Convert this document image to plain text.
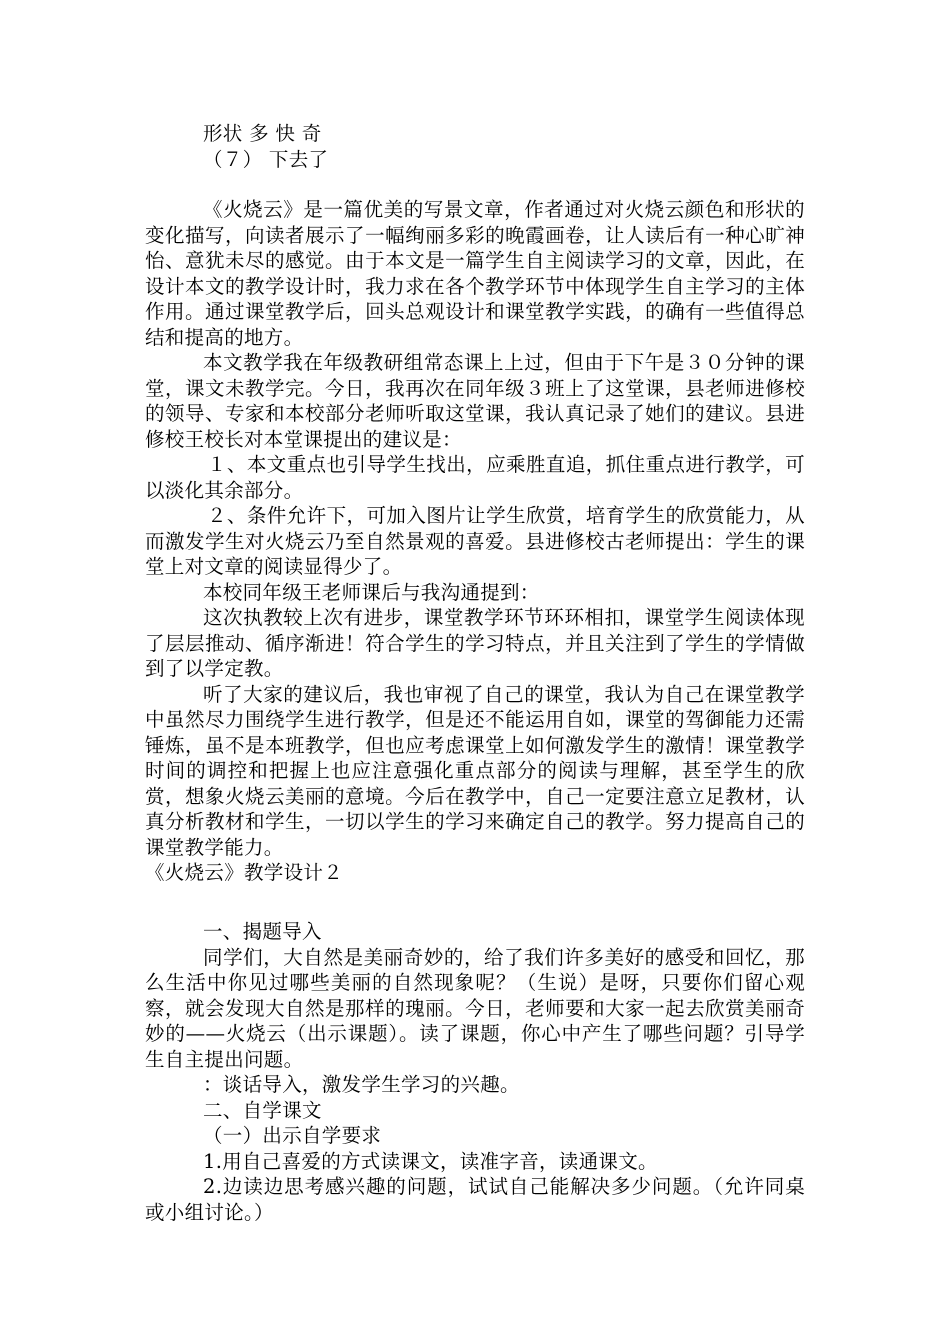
形状 多 快 奇

（７） 下去了

《火烧云》是一篇优美的写景文章，作者通过对火烧云颜色和形状的变化描写，向读者展示了一幅绚丽多彩的晚霞画卷，让人读后有一种心旷神怡、意犹未尽的感觉。由于本文是一篇学生自主阅读学习的文章，因此，在设计本文的教学设计时，我力求在各个教学环节中体现学生自主学习的主体作用。通过课堂教学后，回头总观设计和课堂教学实践，的确有一些值得总结和提高的地方。

本文教学我在年级教研组常态课上上过，但由于下午是３０分钟的课堂，课文未教学完。今日，我再次在同年级３班上了这堂课，县老师进修校的领导、专家和本校部分老师听取这堂课，我认真记录了她们的建议。县进修校王校长对本堂课提出的建议是：

１、本文重点也引导学生找出，应乘胜直追，抓住重点进行教学，可以淡化其余部分。

２、条件允许下，可加入图片让学生欣赏，培育学生的欣赏能力，从而激发学生对火烧云乃至自然景观的喜爱。县进修校古老师提出：学生的课堂上对文章的阅读显得少了。

本校同年级王老师课后与我沟通提到：

这次执教较上次有进步，课堂教学环节环环相扣，课堂学生阅读体现了层层推动、循序渐进！符合学生的学习特点，并且关注到了学生的学情做到了以学定教。

听了大家的建议后，我也审视了自己的课堂，我认为自己在课堂教学中虽然尽力围绕学生进行教学，但是还不能运用自如，课堂的驾御能力还需锤炼，虽不是本班教学，但也应考虑课堂上如何激发学生的激情！课堂教学时间的调控和把握上也应注意强化重点部分的阅读与理解，甚至学生的欣赏，想象火烧云美丽的意境。今后在教学中，自己一定要注意立足教材，认真分析教材和学生，一切以学生的学习来确定自己的教学。努力提高自己的课堂教学能力。

《火烧云》教学设计２

一、揭题导入

同学们，大自然是美丽奇妙的，给了我们许多美好的感受和回忆，那么生活中你见过哪些美丽的自然现象呢？（生说）是呀，只要你们留心观察，就会发现大自然是那样的瑰丽。今日，老师要和大家一起去欣赏美丽奇妙的——火烧云（出示课题）。读了课题，你心中产生了哪些问题？引导学生自主提出问题。

：谈话导入，激发学生学习的兴趣。

二、自学课文

（一）出示自学要求

1.用自己喜爱的方式读课文，读准字音，读通课文。

2.边读边思考感兴趣的问题，试试自己能解决多少问题。（允许同桌或小组讨论。）
